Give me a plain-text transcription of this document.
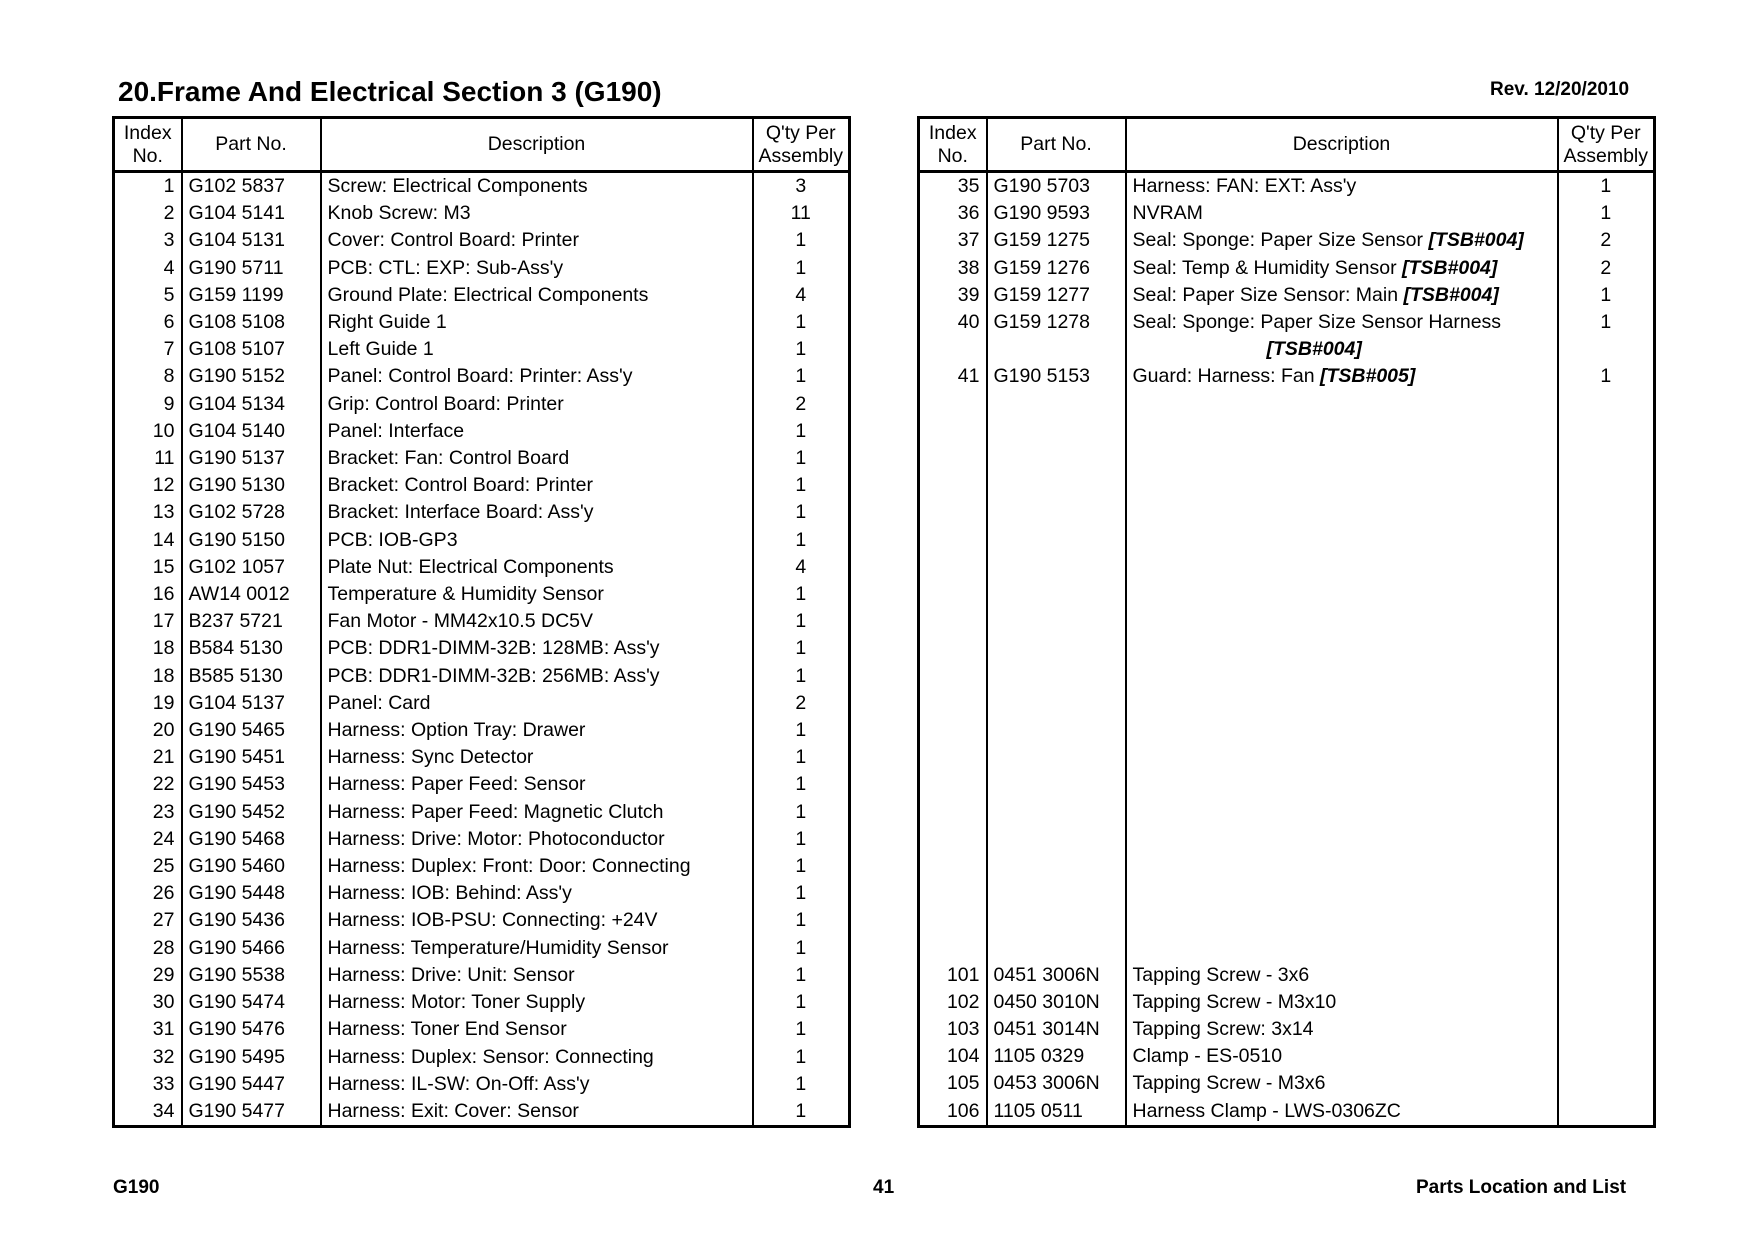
20.Frame And Electrical Section 3 (G190)	Rev. 12/20/2010
Index
No.	Part No.	Description	Q'ty Per
Assembly
1	G102 5837	Screw: Electrical Components	3
2	G104 5141	Knob Screw: M3	11
3	G104 5131	Cover: Control Board: Printer	1
4	G190 5711	PCB: CTL: EXP: Sub-Ass'y	1
5	G159 1199	Ground Plate: Electrical Components	4
6	G108 5108	Right Guide 1	1
7	G108 5107	Left Guide 1	1
8	G190 5152	Panel: Control Board: Printer: Ass'y	1
9	G104 5134	Grip: Control Board: Printer	2
10	G104 5140	Panel: Interface	1
11	G190 5137	Bracket: Fan: Control Board	1
12	G190 5130	Bracket: Control Board: Printer	1
13	G102 5728	Bracket: Interface Board: Ass'y	1
14	G190 5150	PCB: IOB-GP3	1
15	G102 1057	Plate Nut: Electrical Components	4
16	AW14 0012	Temperature & Humidity Sensor	1
17	B237 5721	Fan Motor - MM42x10.5 DC5V	1
18	B584 5130	PCB: DDR1-DIMM-32B: 128MB: Ass'y	1
18	B585 5130	PCB: DDR1-DIMM-32B: 256MB: Ass'y	1
19	G104 5137	Panel: Card	2
20	G190 5465	Harness: Option Tray: Drawer	1
21	G190 5451	Harness: Sync Detector	1
22	G190 5453	Harness: Paper Feed: Sensor	1
23	G190 5452	Harness: Paper Feed: Magnetic Clutch	1
24	G190 5468	Harness: Drive: Motor: Photoconductor	1
25	G190 5460	Harness: Duplex: Front: Door: Connecting	1
26	G190 5448	Harness: IOB: Behind: Ass'y	1
27	G190 5436	Harness: IOB-PSU: Connecting: +24V	1
28	G190 5466	Harness: Temperature/Humidity Sensor	1
29	G190 5538	Harness: Drive: Unit: Sensor	1
30	G190 5474	Harness: Motor: Toner Supply	1
31	G190 5476	Harness: Toner End Sensor	1
32	G190 5495	Harness: Duplex: Sensor: Connecting	1
33	G190 5447	Harness: IL-SW: On-Off: Ass'y	1
34	G190 5477	Harness: Exit: Cover: Sensor	1
Index
No.	Part No.	Description	Q'ty Per
Assembly
35	G190 5703	Harness: FAN: EXT: Ass'y	1
36	G190 9593	NVRAM	1
37	G159 1275	Seal: Sponge: Paper Size Sensor [TSB#004]	2
38	G159 1276	Seal: Temp & Humidity Sensor [TSB#004]	2
39	G159 1277	Seal: Paper Size Sensor: Main [TSB#004]	1
40	G159 1278	Seal: Sponge: Paper Size Sensor Harness	1
		[TSB#004]	
41	G190 5153	Guard: Harness: Fan [TSB#005]	1

101	0451 3006N	Tapping Screw - 3x6	
102	0450 3010N	Tapping Screw - M3x10	
103	0451 3014N	Tapping Screw: 3x14	
104	1105 0329	Clamp - ES-0510	
105	0453 3006N	Tapping Screw - M3x6	
106	1105 0511	Harness Clamp - LWS-0306ZC	
G190	41	Parts Location and List
